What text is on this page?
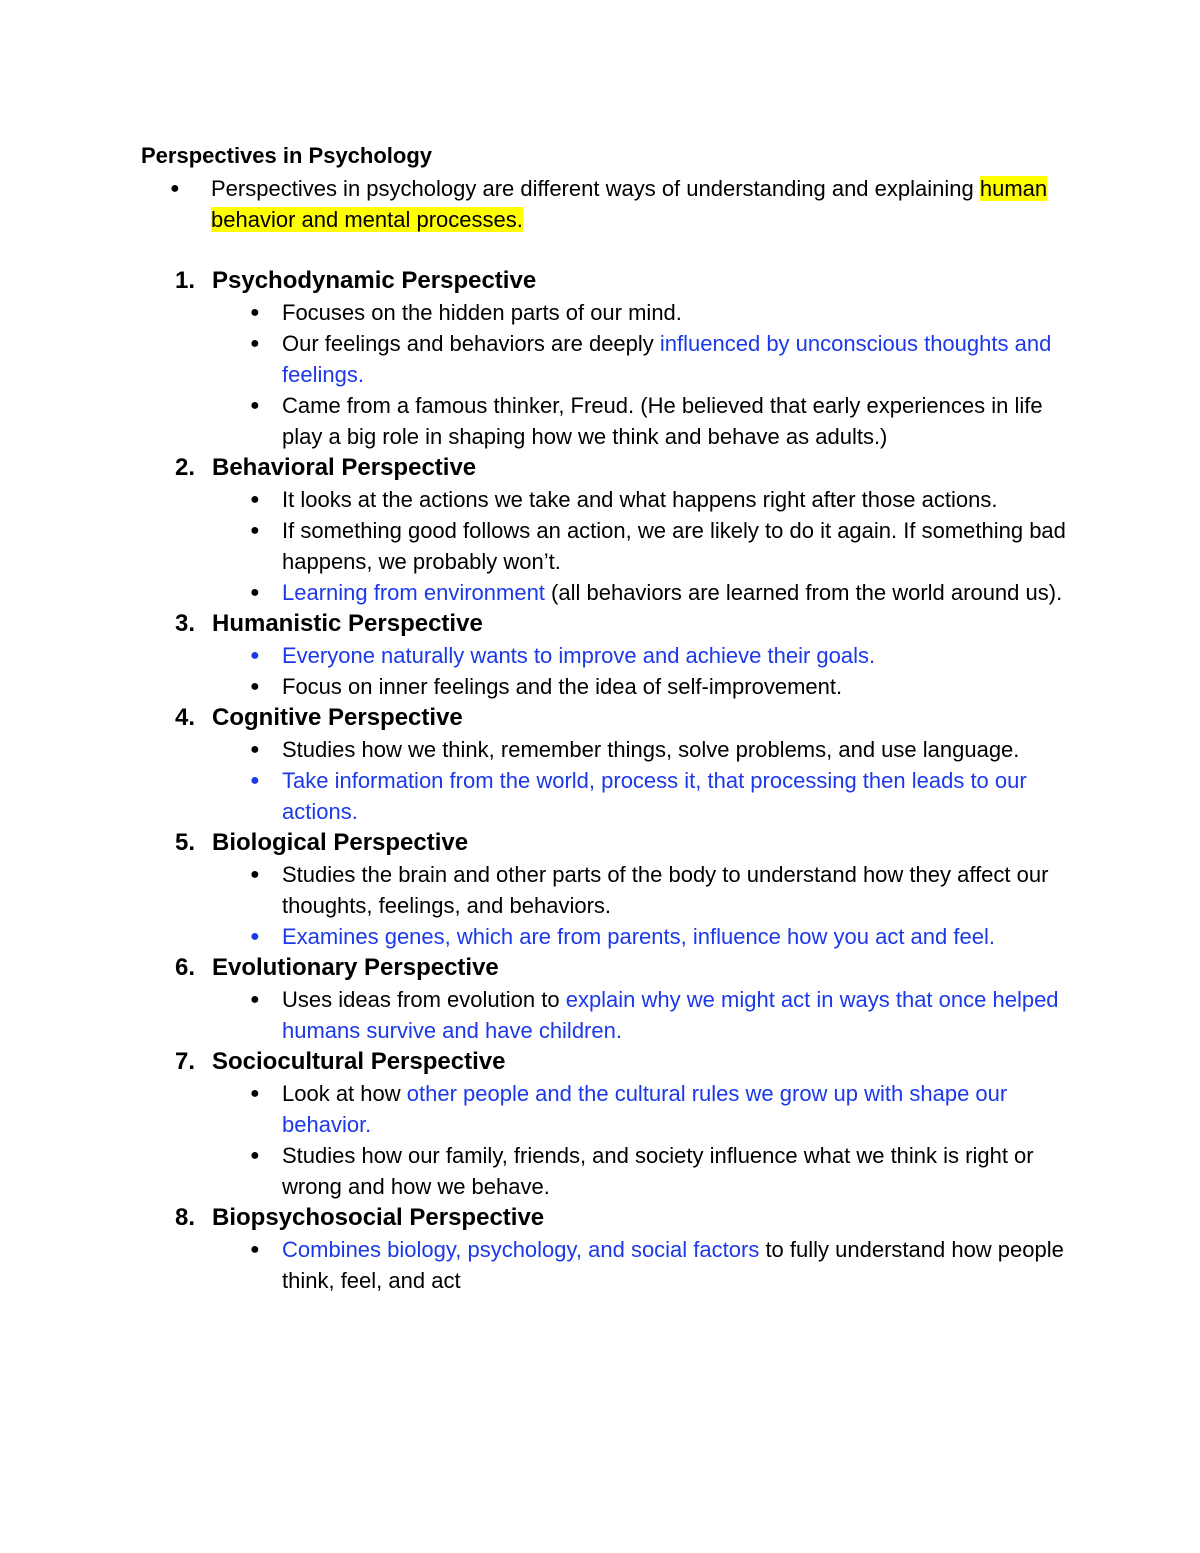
Perspectives in Psychology
●	Perspectives in psychology are different ways of understanding and explaining human behavior and mental processes.
1. Psychodynamic Perspective
●	Focuses on the hidden parts of our mind.
●	Our feelings and behaviors are deeply influenced by unconscious thoughts and feelings.
●	Came from a famous thinker, Freud. (He believed that early experiences in life play a big role in shaping how we think and behave as adults.)
2. Behavioral Perspective
●	It looks at the actions we take and what happens right after those actions.
●	If something good follows an action, we are likely to do it again. If something bad happens, we probably won’t.
●	Learning from environment (all behaviors are learned from the world around us).
3. Humanistic Perspective
●	Everyone naturally wants to improve and achieve their goals.
●	Focus on inner feelings and the idea of self-improvement.
4. Cognitive Perspective
●	Studies how we think, remember things, solve problems, and use language.
●	Take information from the world, process it, that processing then leads to our actions.
5. Biological Perspective
●	Studies the brain and other parts of the body to understand how they affect our thoughts, feelings, and behaviors.
●	Examines genes, which are from parents, influence how you act and feel.
6. Evolutionary Perspective
●	Uses ideas from evolution to explain why we might act in ways that once helped humans survive and have children.
7. Sociocultural Perspective
●	Look at how other people and the cultural rules we grow up with shape our behavior.
●	Studies how our family, friends, and society influence what we think is right or wrong and how we behave.
8. Biopsychosocial Perspective
●	Combines biology, psychology, and social factors to fully understand how people think, feel, and act
